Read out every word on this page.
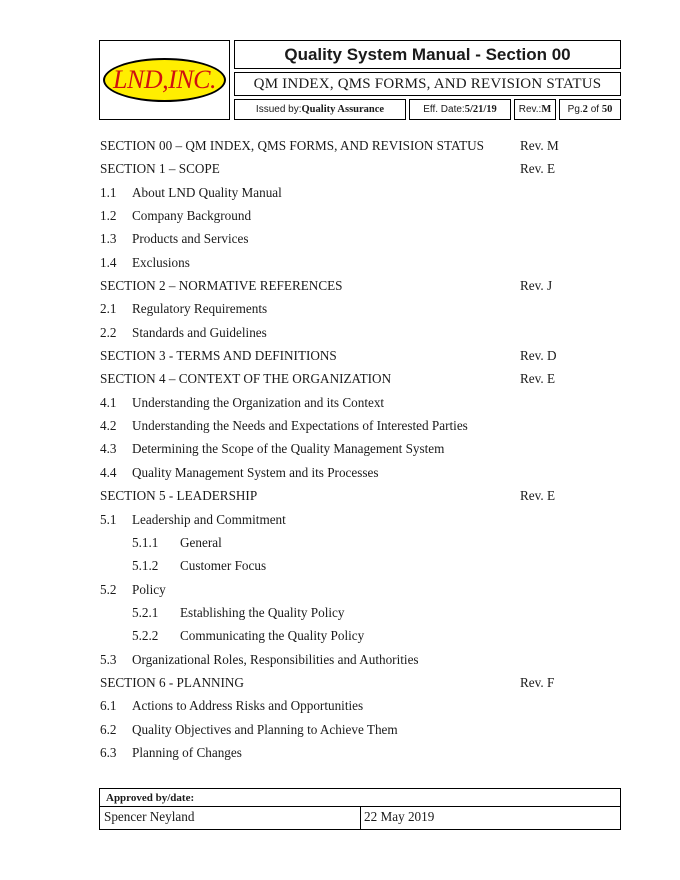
LND,INC.
Quality System Manual - Section 00
QM INDEX, QMS FORMS, AND REVISION STATUS
Issued by: Quality Assurance	Eff. Date: 5/21/19 Rev.: M Pg. 2 of 50
SECTION 00 – QM INDEX, QMS FORMS, AND REVISION STATUS	Rev. M
SECTION 1 – SCOPE	Rev. E
1.1 About LND Quality Manual
1.2 Company Background
1.3 Products and Services
1.4 Exclusions
SECTION 2 – NORMATIVE REFERENCES	Rev. J
2.1 Regulatory Requirements
2.2 Standards and Guidelines
SECTION 3 - TERMS AND DEFINITIONS	Rev. D
SECTION 4 – CONTEXT OF THE ORGANIZATION	Rev. E
4.1 Understanding the Organization and its Context
4.2 Understanding the Needs and Expectations of Interested Parties
4.3 Determining the Scope of the Quality Management System
4.4 Quality Management System and its Processes
SECTION 5 - LEADERSHIP	Rev. E
5.1 Leadership and Commitment
5.1.1 General
5.1.2 Customer Focus
5.2 Policy
5.2.1 Establishing the Quality Policy
5.2.2 Communicating the Quality Policy
5.3 Organizational Roles, Responsibilities and Authorities
SECTION 6 - PLANNING	Rev. F
6.1 Actions to Address Risks and Opportunities
6.2 Quality Objectives and Planning to Achieve Them
6.3 Planning of Changes
Approved by/date:
Spencer Neyland	22 May 2019
